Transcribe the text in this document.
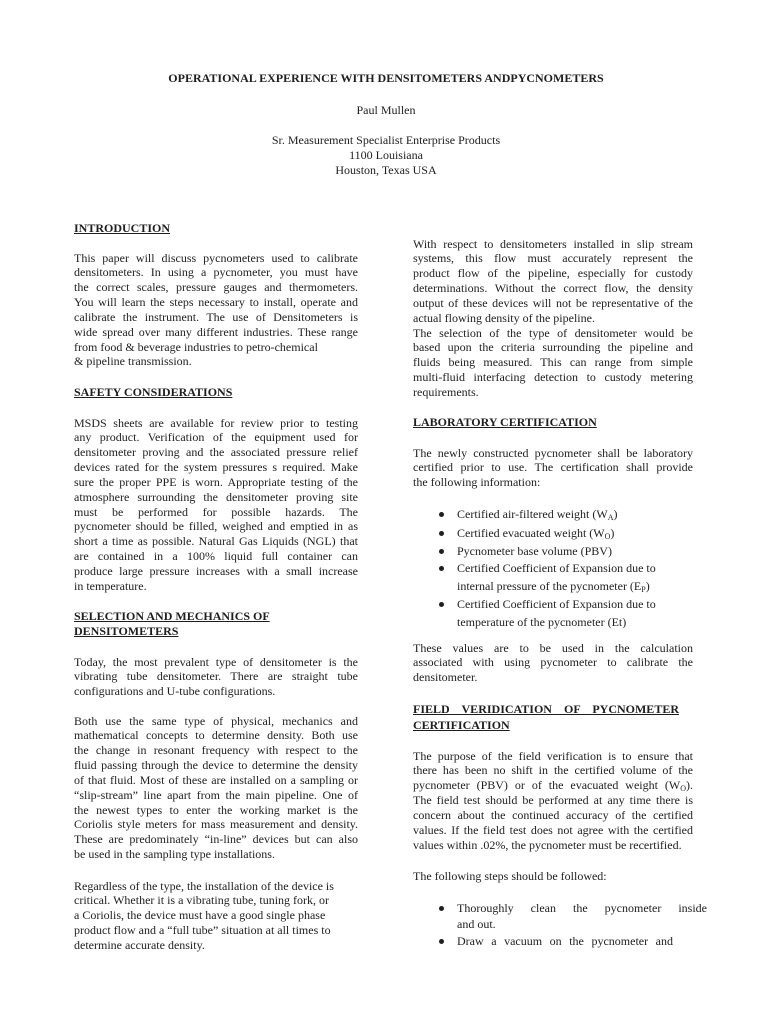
OPERATIONAL EXPERIENCE WITH DENSITOMETERS ANDPYCNOMETERS
Paul Mullen
Sr. Measurement Specialist Enterprise Products
1100 Louisiana
Houston, Texas USA
INTRODUCTION
This paper will discuss pycnometers used to calibrate
densitometers. In using a pycnometer, you must have
the correct scales, pressure gauges and thermometers.
You will learn the steps necessary to install, operate and
calibrate the instrument. The use of Densitometers is
wide spread over many different industries. These range
from food & beverage industries to petro-chemical
& pipeline transmission.
SAFETY CONSIDERATIONS
MSDS sheets are available for review prior to testing
any product. Verification of the equipment used for
densitometer proving and the associated pressure relief
devices rated for the system pressures s required. Make
sure the proper PPE is worn. Appropriate testing of the
atmosphere surrounding the densitometer proving site
must be performed for possible hazards. The
pycnometer should be filled, weighed and emptied in as
short a time as possible. Natural Gas Liquids (NGL) that
are contained in a 100% liquid full container can
produce large pressure increases with a small increase
in temperature.
SELECTION AND MECHANICS OF
DENSITOMETERS
Today, the most prevalent type of densitometer is the
vibrating tube densitometer. There are straight tube
configurations and U-tube configurations.
Both use the same type of physical, mechanics and
mathematical concepts to determine density. Both use
the change in resonant frequency with respect to the
fluid passing through the device to determine the density
of that fluid. Most of these are installed on a sampling or
“slip-stream” line apart from the main pipeline. One of
the newest types to enter the working market is the
Coriolis style meters for mass measurement and density.
These are predominately “in-line” devices but can also
be used in the sampling type installations.
Regardless of the type, the installation of the device is
critical. Whether it is a vibrating tube, tuning fork, or
a Coriolis, the device must have a good single phase
product flow and a “full tube” situation at all times to
determine accurate density.
With respect to densitometers installed in slip stream
systems, this flow must accurately represent the
product flow of the pipeline, especially for custody
determinations. Without the correct flow, the density
output of these devices will not be representative of the
actual flowing density of the pipeline.
The selection of the type of densitometer would be
based upon the criteria surrounding the pipeline and
fluids being measured. This can range from simple
multi-fluid interfacing detection to custody metering
requirements.
LABORATORY CERTIFICATION
The newly constructed pycnometer shall be laboratory
certified prior to use. The certification shall provide
the following information:
Certified air-filtered weight $(W_A)$
Certified evacuated weight $(W_O)$
Pycnometer base volume (PBV)
Certified Coefficient of Expansion due to
internal pressure of the pycnometer $(E_P)$
Certified Coefficient of Expansion due to
temperature of the pycnometer (Et)
These values are to be used in the calculation
associated with using pycnometer to calibrate the
densitometer.
FIELD VERIDICATION OF PYCNOMETER
CERTIFICATION
The purpose of the field verification is to ensure that
there has been no shift in the certified volume of the
pycnometer (PBV) or of the evacuated weight $(W_O)$.
The field test should be performed at any time there is
concern about the continued accuracy of the certified
values. If the field test does not agree with the certified
values within .02%, the pycnometer must be recertified.
The following steps should be followed:
Thoroughly clean the pycnometer inside
and out.
Draw a vacuum on the pycnometer and
